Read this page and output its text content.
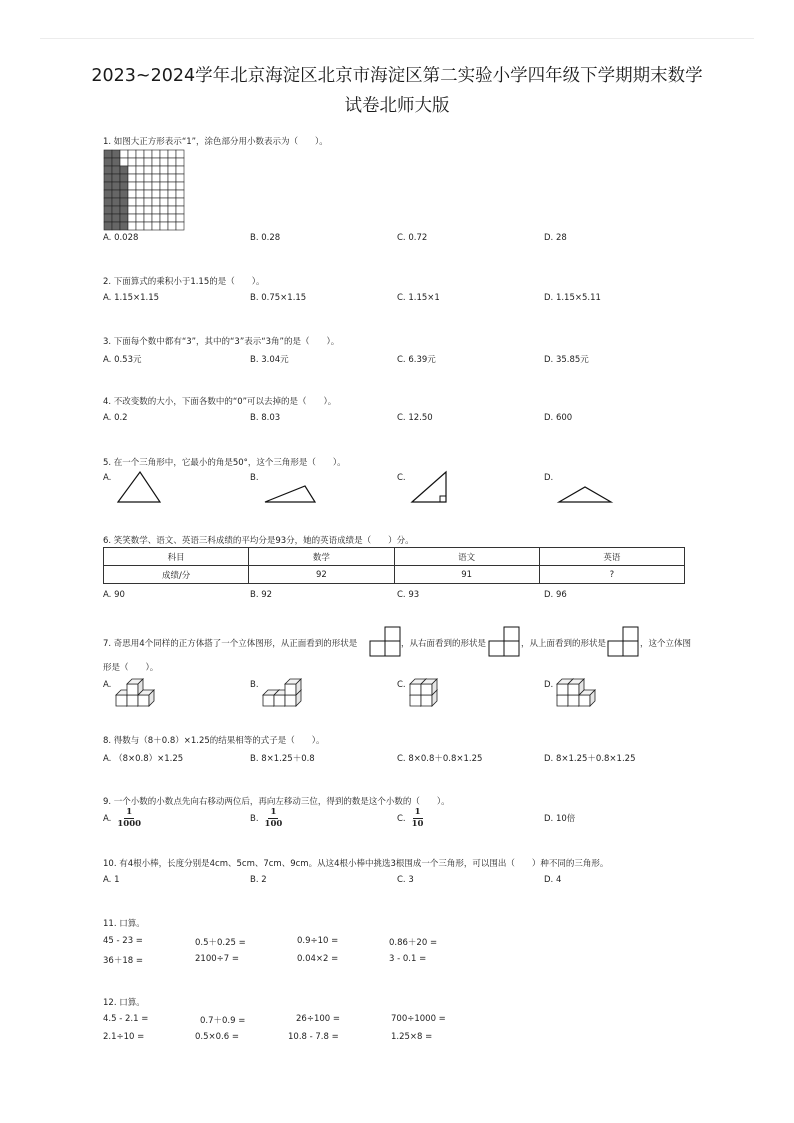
2023~2024学年北京海淀区北京市海淀区第二实验小学四年级下学期期末数学
试卷北师大版
1. 如图大正方形表示“1”，涂色部分用小数表示为（　　）。
A. 0.028	B. 0.28	C. 0.72	D. 28
2. 下面算式的乘积小于1.15的是（　　）。
A. 1.15×1.15	B. 0.75×1.15	C. 1.15×1	D. 1.15×5.11
3. 下面每个数中都有“3”，其中的“3”表示“3角”的是（　　）。
A. 0.53元	B. 3.04元	C. 6.39元	D. 35.85元
4. 不改变数的大小，下面各数中的“0”可以去掉的是（　　）。
A. 0.2	B. 8.03	C. 12.50	D. 600
5. 在一个三角形中，它最小的角是50°，这个三角形是（　　）。
A.	B.	C.	D.
6. 笑笑数学、语文、英语三科成绩的平均分是93分，她的英语成绩是（　　）分。
科目	数学	语文	英语
成绩/分	92	91	?
A. 90	B. 92	C. 93	D. 96
7. 奇思用4个同样的正方体搭了一个立体图形，从正面看到的形状是	，从右面看到的形状是	，从上面看到的形状是	，这个立体图
形是（　　）。
A.	B.	C.	D.
8. 得数与（8＋0.8）×1.25的结果相等的式子是（　　）。
A. （8×0.8）×1.25	B. 8×1.25＋0.8	C. 8×0.8＋0.8×1.25	D. 8×1.25＋0.8×1.25
9. 一个小数的小数点先向右移动两位后，再向左移动三位，得到的数是这个小数的（　　）。
A. $\frac{1}{1000}$	B. $\frac{1}{100}$	C. $\frac{1}{10}$	D. 10倍
10. 有4根小棒，长度分别是4cm、5cm、7cm、9cm。从这4根小棒中挑选3根围成一个三角形，可以围出（　　）种不同的三角形。
A. 1	B. 2	C. 3	D. 4
11. 口算。
45 - 23 =	0.5＋0.25 =	0.9÷10 =	0.86＋20 =
36＋18 =	2100÷7 =	0.04×2 =	3 - 0.1 =
12. 口算。
4.5 - 2.1 =	0.7＋0.9 =	26÷100 =	700÷1000 =
2.1÷10 =	0.5×0.6 =	10.8 - 7.8 =	1.25×8 =
